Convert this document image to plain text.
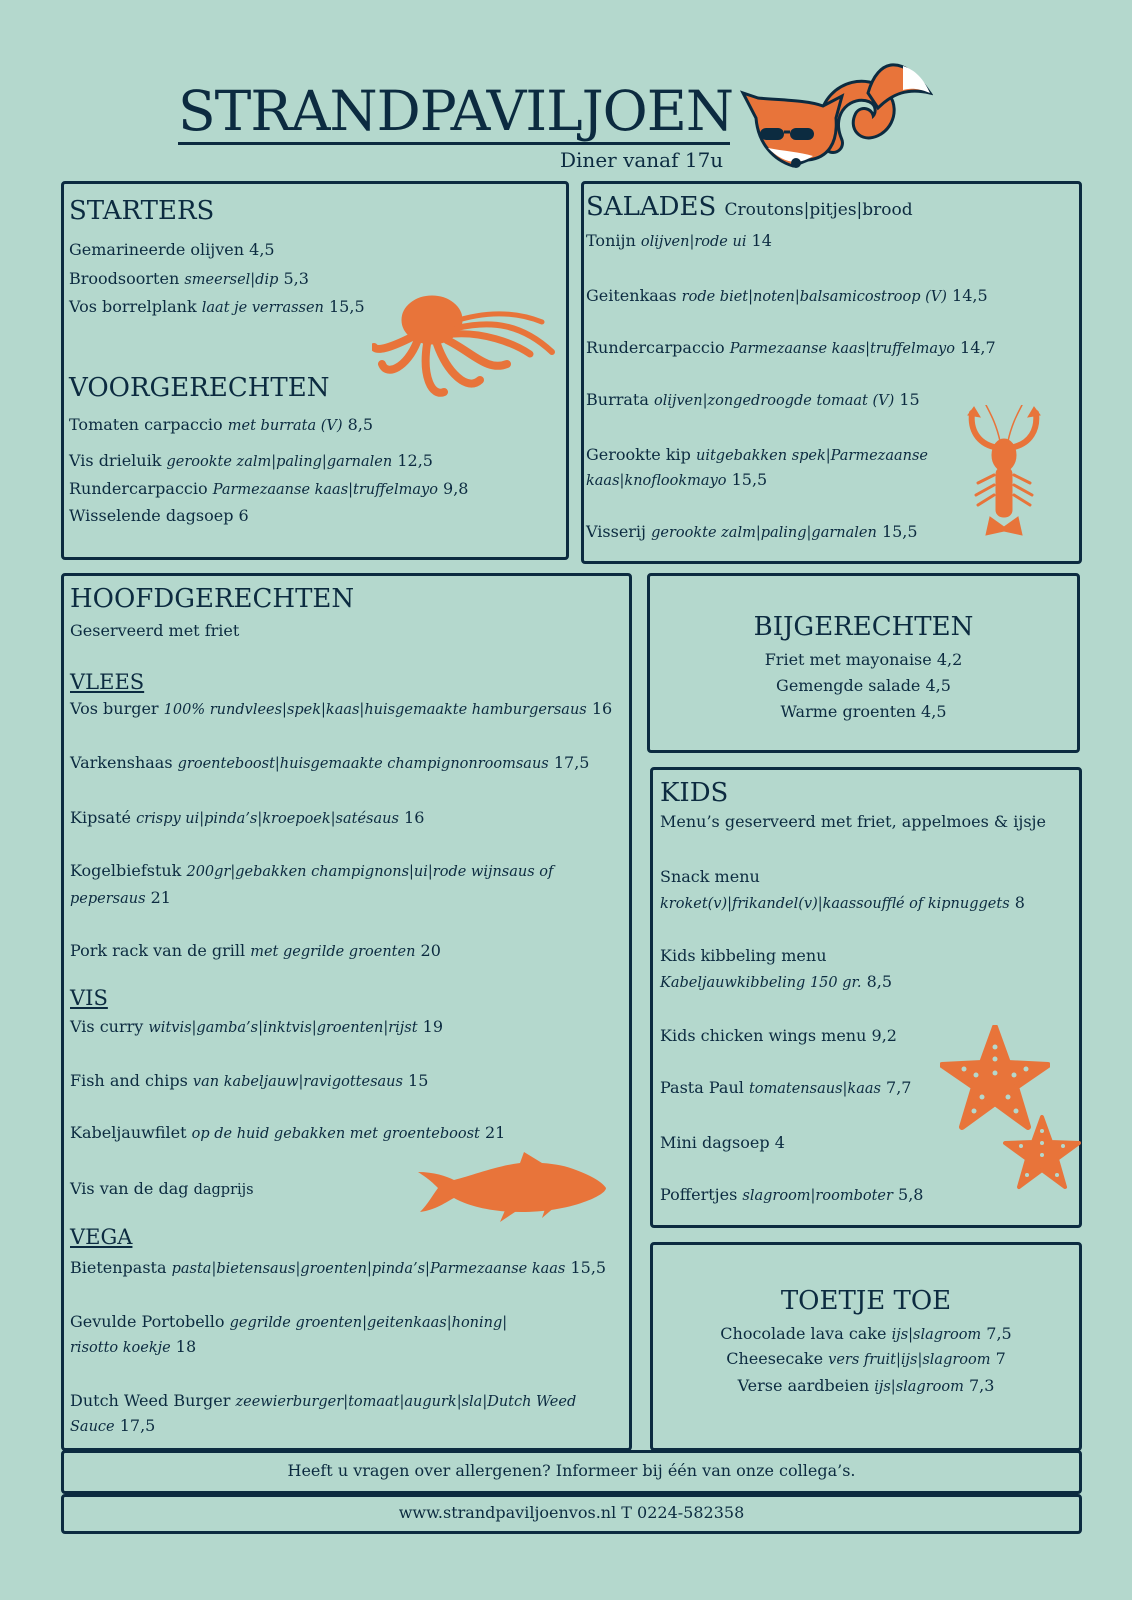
STRANDPAVILJOEN
Diner vanaf 17u
STARTERS
Gemarineerde olijven 4,5
Broodsoorten smeersel|dip 5,3
Vos borrelplank laat je verrassen 15,5
VOORGERECHTEN
Tomaten carpaccio met burrata (V) 8,5
Vis drieluik gerookte zalm|paling|garnalen 12,5
Rundercarpaccio Parmezaanse kaas|truffelmayo 9,8
Wisselende dagsoep 6
SALADES Croutons|pitjes|brood
Tonijn olijven|rode ui 14
Geitenkaas rode biet|noten|balsamicostroop (V) 14,5
Rundercarpaccio Parmezaanse kaas|truffelmayo 14,7
Burrata olijven|zongedroogde tomaat (V) 15
Gerookte kip uitgebakken spek|Parmezaanse kaas|knoflookmayo 15,5
Visserij gerookte zalm|paling|garnalen 15,5
HOOFDGERECHTEN
Geserveerd met friet
VLEES
Vos burger 100% rundvlees|spek|kaas|huisgemaakte hamburgersaus 16
Varkenshaas groenteboost|huisgemaakte champignonroomsaus 17,5
Kipsaté crispy ui|pinda’s|kroepoek|satésaus 16
Kogelbiefstuk 200gr|gebakken champignons|ui|rode wijnsaus of pepersaus 21
Pork rack van de grill met gegrilde groenten 20
VIS
Vis curry witvis|gamba’s|inktvis|groenten|rijst 19
Fish and chips van kabeljauw|ravigottesaus 15
Kabeljauwfilet op de huid gebakken met groenteboost 21
Vis van de dag dagprijs
VEGA
Bietenpasta pasta|bietensaus|groenten|pinda’s|Parmezaanse kaas 15,5
Gevulde Portobello gegrilde groenten|geitenkaas|honing| risotto koekje 18
Dutch Weed Burger zeewierburger|tomaat|augurk|sla|Dutch Weed Sauce 17,5
BIJGERECHTEN
Friet met mayonaise 4,2
Gemengde salade 4,5
Warme groenten 4,5
KIDS
Menu’s geserveerd met friet, appelmoes & ijsje
Snack menu
kroket(v)|frikandel(v)|kaassoufflé of kipnuggets 8
Kids kibbeling menu
Kabeljauwkibbeling 150 gr. 8,5
Kids chicken wings menu 9,2
Pasta Paul tomatensaus|kaas 7,7
Mini dagsoep 4
Poffertjes slagroom|roomboter 5,8
TOETJE TOE
Chocolade lava cake ijs|slagroom 7,5
Cheesecake vers fruit|ijs|slagroom 7
Verse aardbeien ijs|slagroom 7,3
Heeft u vragen over allergenen? Informeer bij één van onze collega’s.
www.strandpaviljoenvos.nl T 0224-582358
